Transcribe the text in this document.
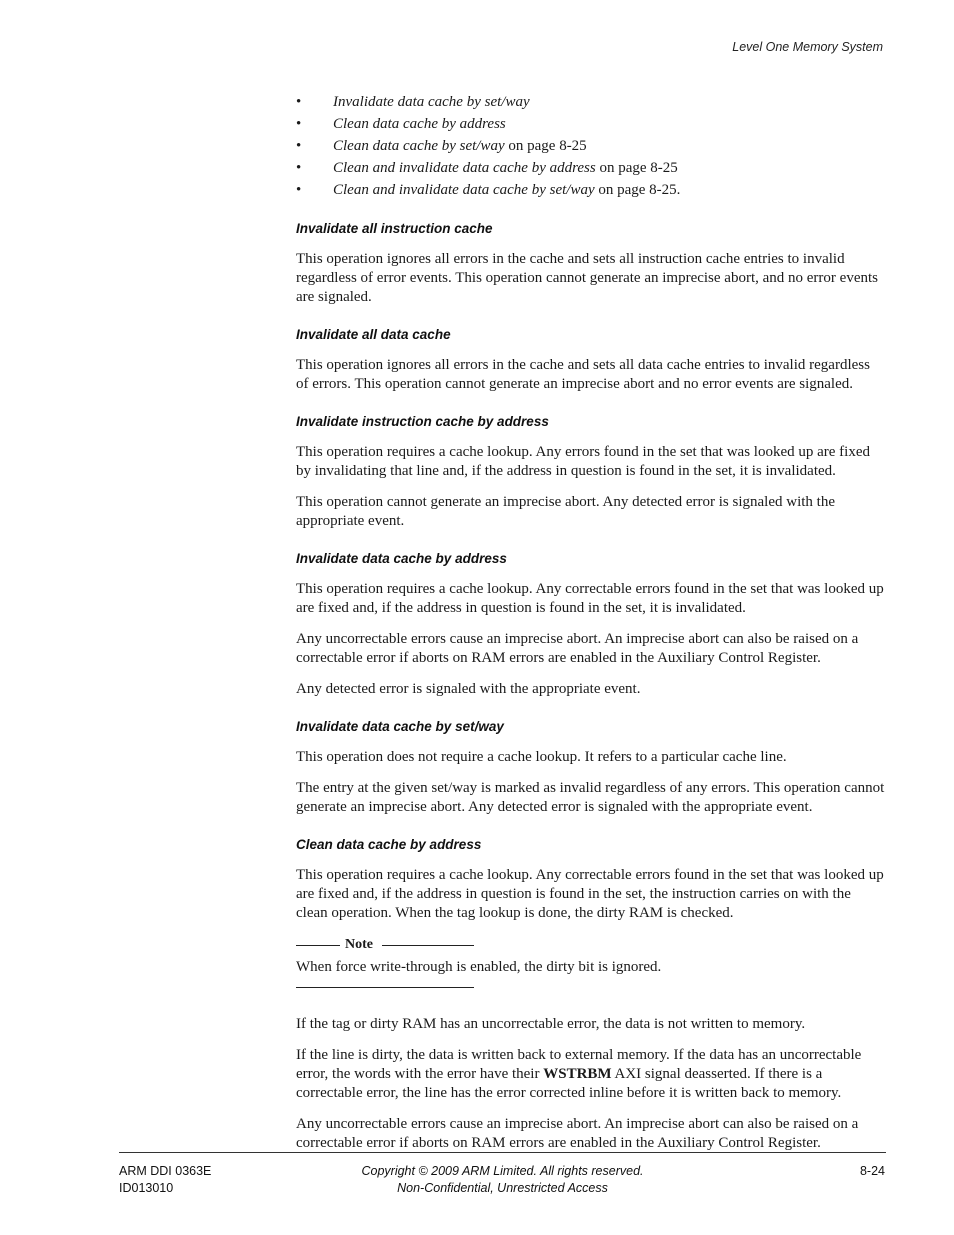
Level One Memory System
• Invalidate data cache by set/way
• Clean data cache by address
• Clean data cache by set/way on page 8-25
• Clean and invalidate data cache by address on page 8-25
• Clean and invalidate data cache by set/way on page 8-25.
Invalidate all instruction cache

This operation ignores all errors in the cache and sets all instruction cache entries to invalid regardless of error events. This operation cannot generate an imprecise abort, and no error events are signaled.

Invalidate all data cache

This operation ignores all errors in the cache and sets all data cache entries to invalid regardless of errors. This operation cannot generate an imprecise abort and no error events are signaled.

Invalidate instruction cache by address

This operation requires a cache lookup. Any errors found in the set that was looked up are fixed by invalidating that line and, if the address in question is found in the set, it is invalidated.

This operation cannot generate an imprecise abort. Any detected error is signaled with the appropriate event.

Invalidate data cache by address

This operation requires a cache lookup. Any correctable errors found in the set that was looked up are fixed and, if the address in question is found in the set, it is invalidated.

Any uncorrectable errors cause an imprecise abort. An imprecise abort can also be raised on a correctable error if aborts on RAM errors are enabled in the Auxiliary Control Register.

Any detected error is signaled with the appropriate event.

Invalidate data cache by set/way

This operation does not require a cache lookup. It refers to a particular cache line.

The entry at the given set/way is marked as invalid regardless of any errors. This operation cannot generate an imprecise abort. Any detected error is signaled with the appropriate event.

Clean data cache by address

This operation requires a cache lookup. Any correctable errors found in the set that was looked up are fixed and, if the address in question is found in the set, the instruction carries on with the clean operation. When the tag lookup is done, the dirty RAM is checked.

Note

When force write-through is enabled, the dirty bit is ignored.

If the tag or dirty RAM has an uncorrectable error, the data is not written to memory.

If the line is dirty, the data is written back to external memory. If the data has an uncorrectable error, the words with the error have their WSTRBM AXI signal deasserted. If there is a correctable error, the line has the error corrected inline before it is written back to memory.

Any uncorrectable errors cause an imprecise abort. An imprecise abort can also be raised on a correctable error if aborts on RAM errors are enabled in the Auxiliary Control Register.

ARM DDI 0363E
ID013010
Copyright © 2009 ARM Limited. All rights reserved.
Non-Confidential, Unrestricted Access
8-24
